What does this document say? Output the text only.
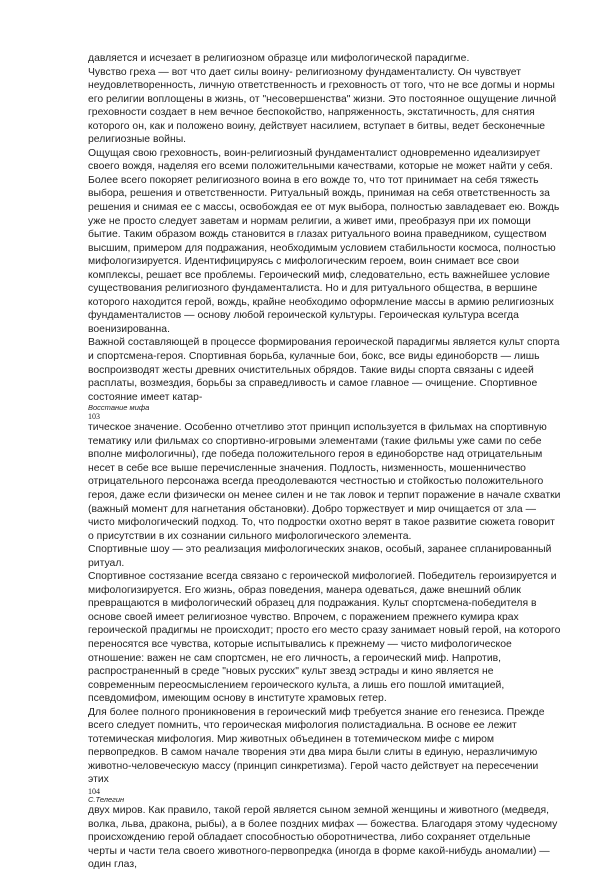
давляется и исчезает в религиозном образце или мифологической парадигме.

Чувство греха — вот что дает силы воину- религиозному фундаменталисту. Он чувствует неудовлетворенность, личную ответственность и греховность от того, что не все догмы и нормы его религии воплощены в жизнь, от "несовершенства" жизни. Это постоянное ощущение личной греховности создает в нем вечное беспокойство, напряженность, экстатичность, для снятия которого он, как и положено воину, действует насилием, вступает в битвы, ведет бесконечные религиозные войны.

Ощущая свою греховность, воин-религиозный фундаменталист одновременно идеализирует своего вождя, наделяя его всеми положительными качествами, которые не может найти у себя. Более всего покоряет религиозного воина в его вожде то, что тот принимает на себя тяжесть выбора, решения и ответственности. Ритуальный вождь, принимая на себя ответственность за решения и снимая ее с массы, освобождая ее от мук выбора, полностью завладевает ею. Вождь уже не просто следует заветам и нормам религии, а живет ими, преобразуя при их помощи бытие. Таким образом вождь становится в глазах ритуального воина праведником, существом высшим, примером для подражания, необходимым условием стабильности космоса, полностью мифологизируется. Идентифицируясь с мифологическим героем, воин снимает все свои комплексы, решает все проблемы. Героический миф, следовательно, есть важнейшее условие существования религиозного фундаменталиста. Но и для ритуального общества, в вершине которого находится герой, вождь, крайне необходимо оформление массы в армию религиозных фундаменталистов — основу любой героической культуры. Героическая культура всегда военизированна.

Важной составляющей в процессе формирования героической парадигмы является культ спорта и спортсмена-героя. Спортивная борьба, кулачные бои, бокс, все виды единоборств — лишь воспроизводят жесты древних очистительных обрядов. Такие виды спорта связаны с идеей расплаты, возмездия, борьбы за справедливость и самое главное — очищение. Спортивное состояние имеет катар-

Восстание мифа

103

тическое значение. Особенно отчетливо этот принцип используется в фильмах на спортивную тематику или фильмах со спортивно-игровыми элементами (такие фильмы уже сами по себе вполне мифологичны), где победа положительного героя в единоборстве над отрицательным несет в себе все выше перечисленные значения. Подлость, низменность, мошенничество отрицательного персонажа всегда преодолеваются честностью и стойкостью положительного героя, даже если физически он менее силен и не так ловок и терпит поражение в начале схватки (важный момент для нагнетания обстановки). Добро торжествует и мир очищается от зла — чисто мифологический подход. То, что подростки охотно верят в такое развитие сюжета говорит о присутствии в их сознании сильного мифологического элемента.

Спортивные шоу — это реализация мифологических знаков, особый, заранее спланированный ритуал.

Спортивное состязание всегда связано с героической мифологией. Победитель героизируется и мифологизируется. Его жизнь, образ поведения, манера одеваться, даже внешний облик превращаются в мифологический образец для подражания. Культ спортсмена-победителя в основе своей имеет религиозное чувство. Впрочем, с поражением прежнего кумира крах героической прадигмы не происходит; просто его место сразу занимает новый герой, на которого переносятся все чувства, которые испытывались к прежнему — чисто мифологическое отношение: важен не сам спортсмен, не его личность, а героический миф. Напротив, распространенный в среде "новых русских" культ звезд эстрады и кино является не современным переосмыслением героического культа, а лишь его пошлой имитацией, псевдомифом, имеющим основу в институте храмовых гетер.

Для более полного проникновения в героический миф требуется знание его генезиса. Прежде всего следует помнить, что героическая мифология полистадиальна. В основе ее лежит тотемическая мифология. Мир животных объединен в тотемическом мифе с миром первопредков. В самом начале творения эти два мира были слиты в единую, неразличимую животно-человеческую массу (принцип синкретизма). Герой часто действует на пересечении этих

104

С.Телегин

двух миров. Как правило, такой герой является сыном земной женщины и животного (медведя, волка, льва, дракона, рыбы), а в более поздних мифах — божества. Благодаря этому чудесному происхождению герой обладает способностью оборотничества, либо сохраняет отдельные черты и части тела своего животного-первопредка (иногда в форме какой-нибудь аномалии) — один глаз,
